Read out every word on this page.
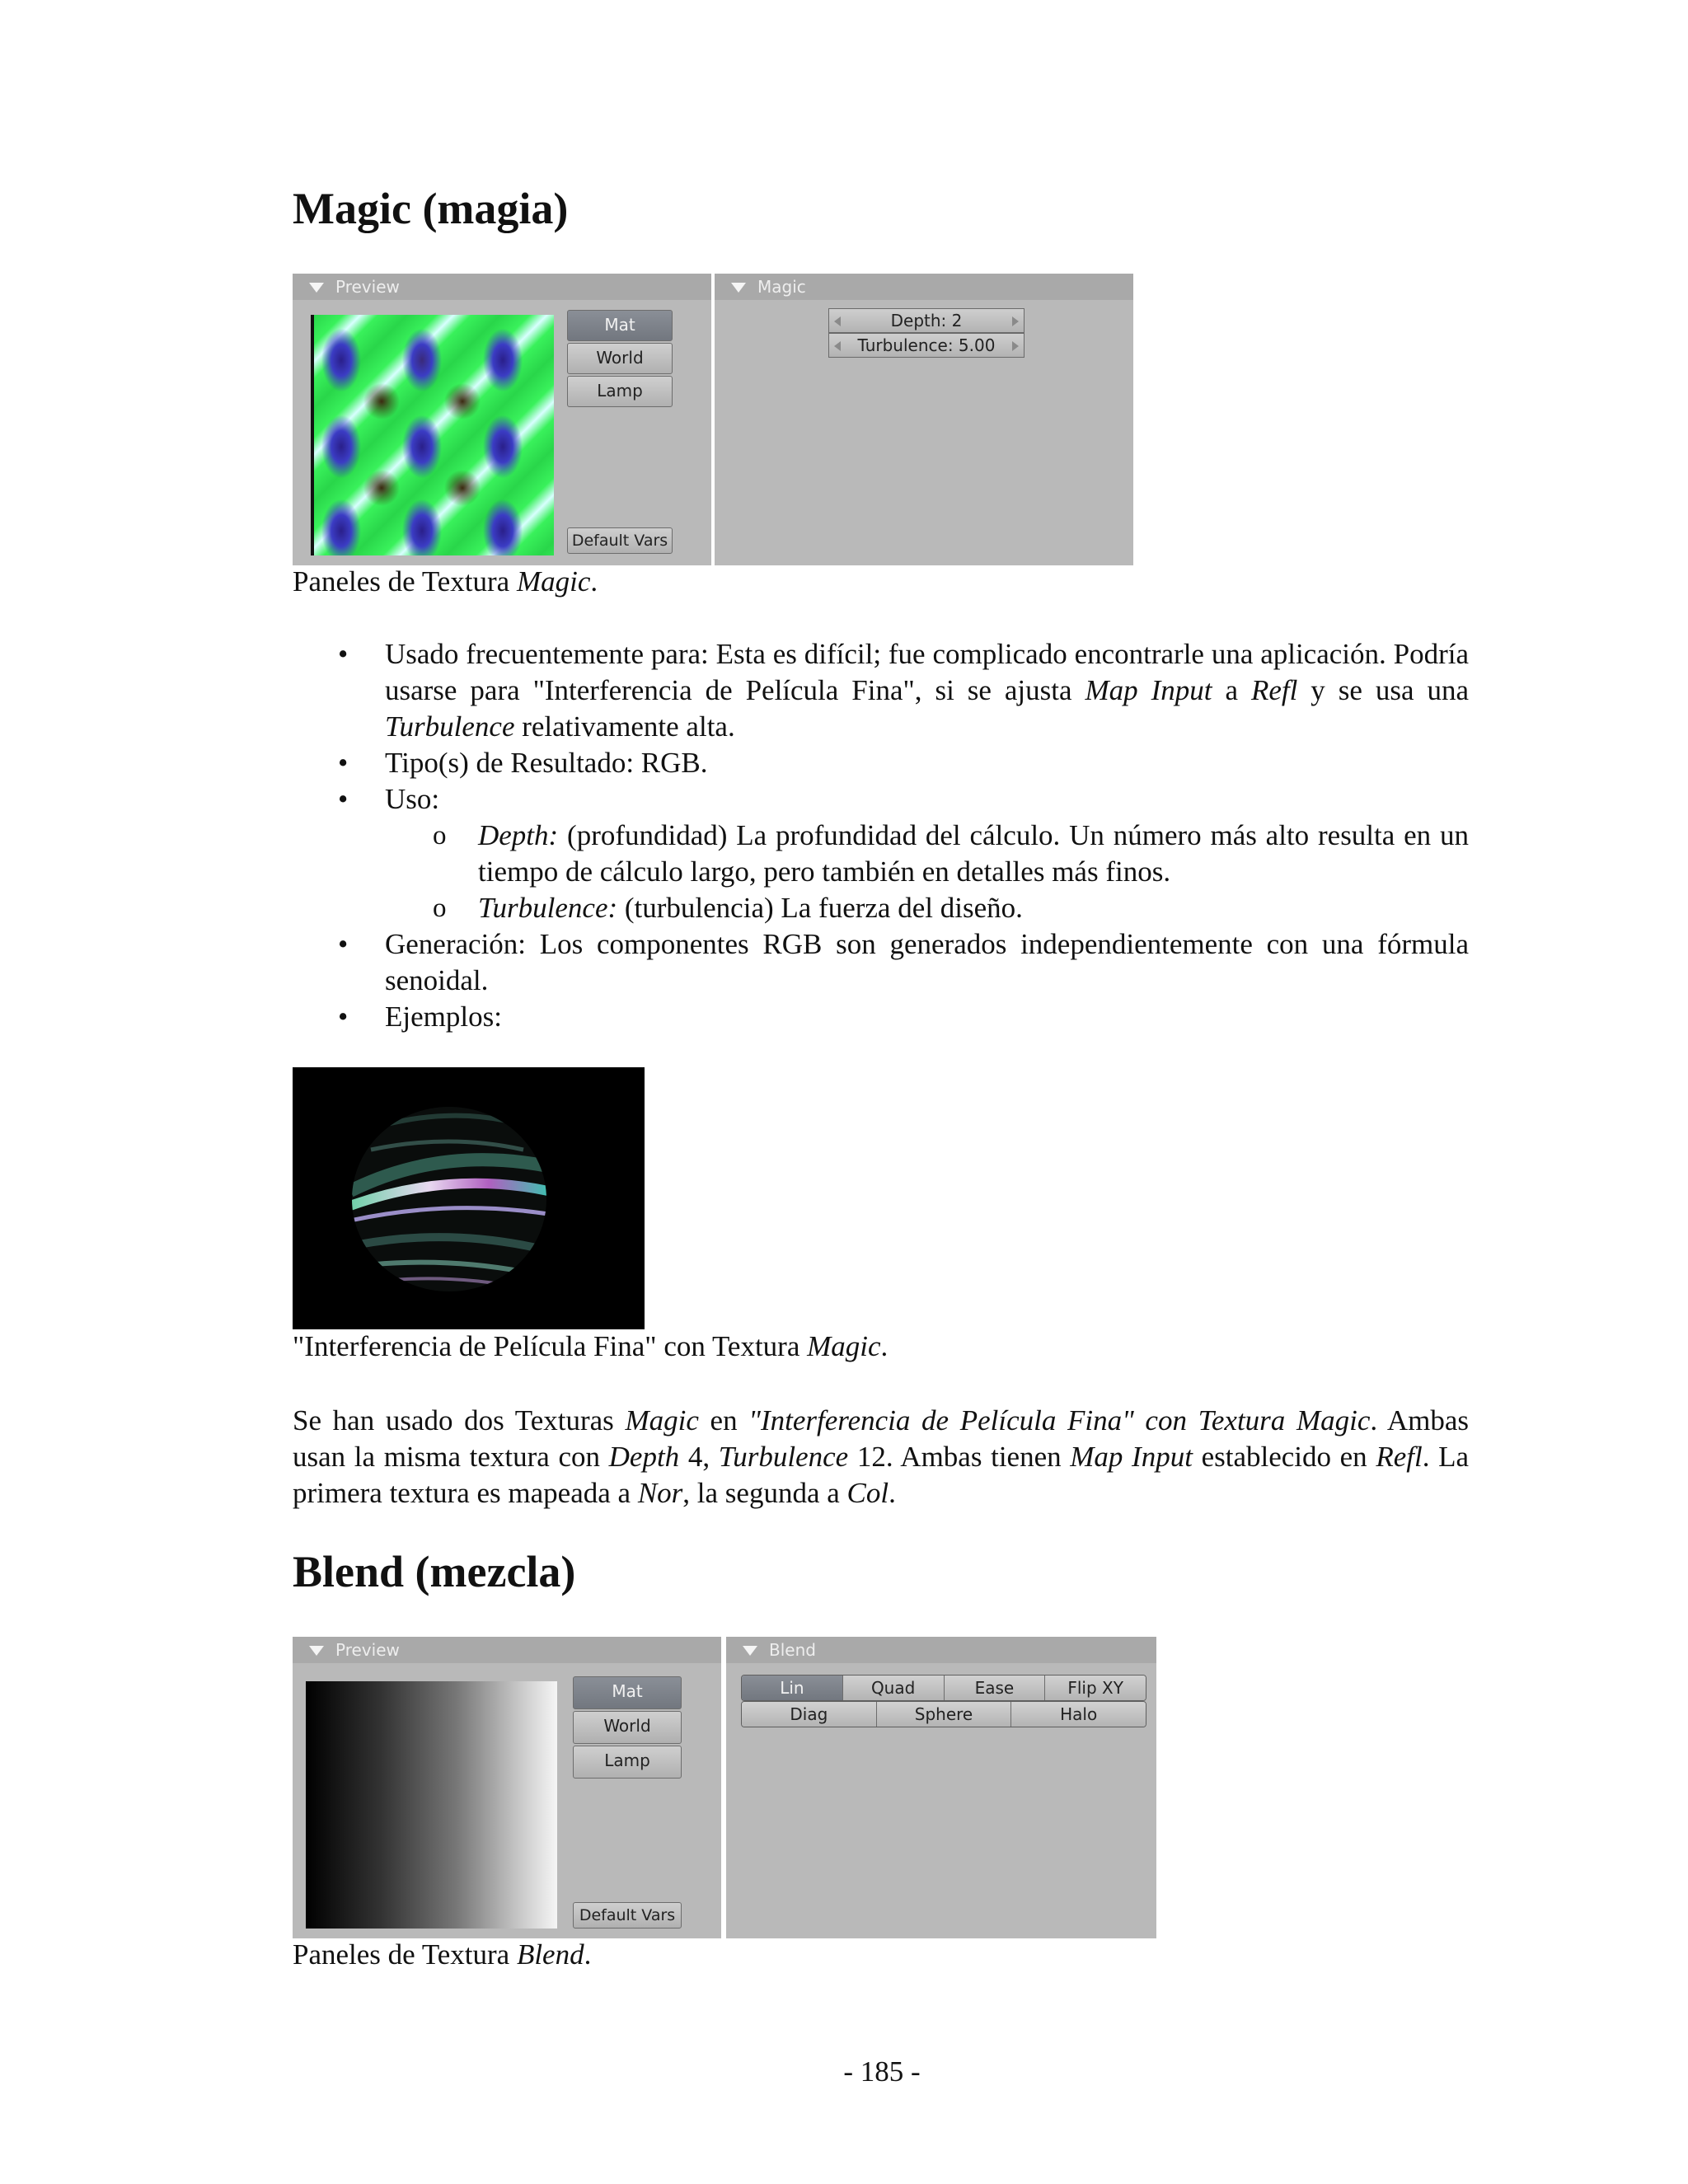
Magic (magia)
Preview
Mat
World
Lamp
Default Vars
Magic
Depth: 2
Turbulence: 5.00
Paneles de Textura Magic.
• Usado frecuentemente para: Esta es difícil; fue complicado encontrarle una aplicación. Podría usarse para "Interferencia de Película Fina", si se ajusta Map Input a Refl y se usa una Turbulence relativamente alta.
• Tipo(s) de Resultado: RGB.
• Uso:
o Depth: (profundidad) La profundidad del cálculo. Un número más alto resulta en un tiempo de cálculo largo, pero también en detalles más finos.
o Turbulence: (turbulencia) La fuerza del diseño.
• Generación: Los componentes RGB son generados independientemente con una fórmula senoidal.
• Ejemplos:
"Interferencia de Película Fina" con Textura Magic.
Se han usado dos Texturas Magic en "Interferencia de Película Fina" con Textura Magic. Ambas usan la misma textura con Depth 4, Turbulence 12. Ambas tienen Map Input establecido en Refl. La primera textura es mapeada a Nor, la segunda a Col.
Blend (mezcla)
Preview
Mat
World
Lamp
Default Vars
Blend
Lin	Quad	Ease	Flip XY
Diag	Sphere	Halo
Paneles de Textura Blend.
- 185 -
